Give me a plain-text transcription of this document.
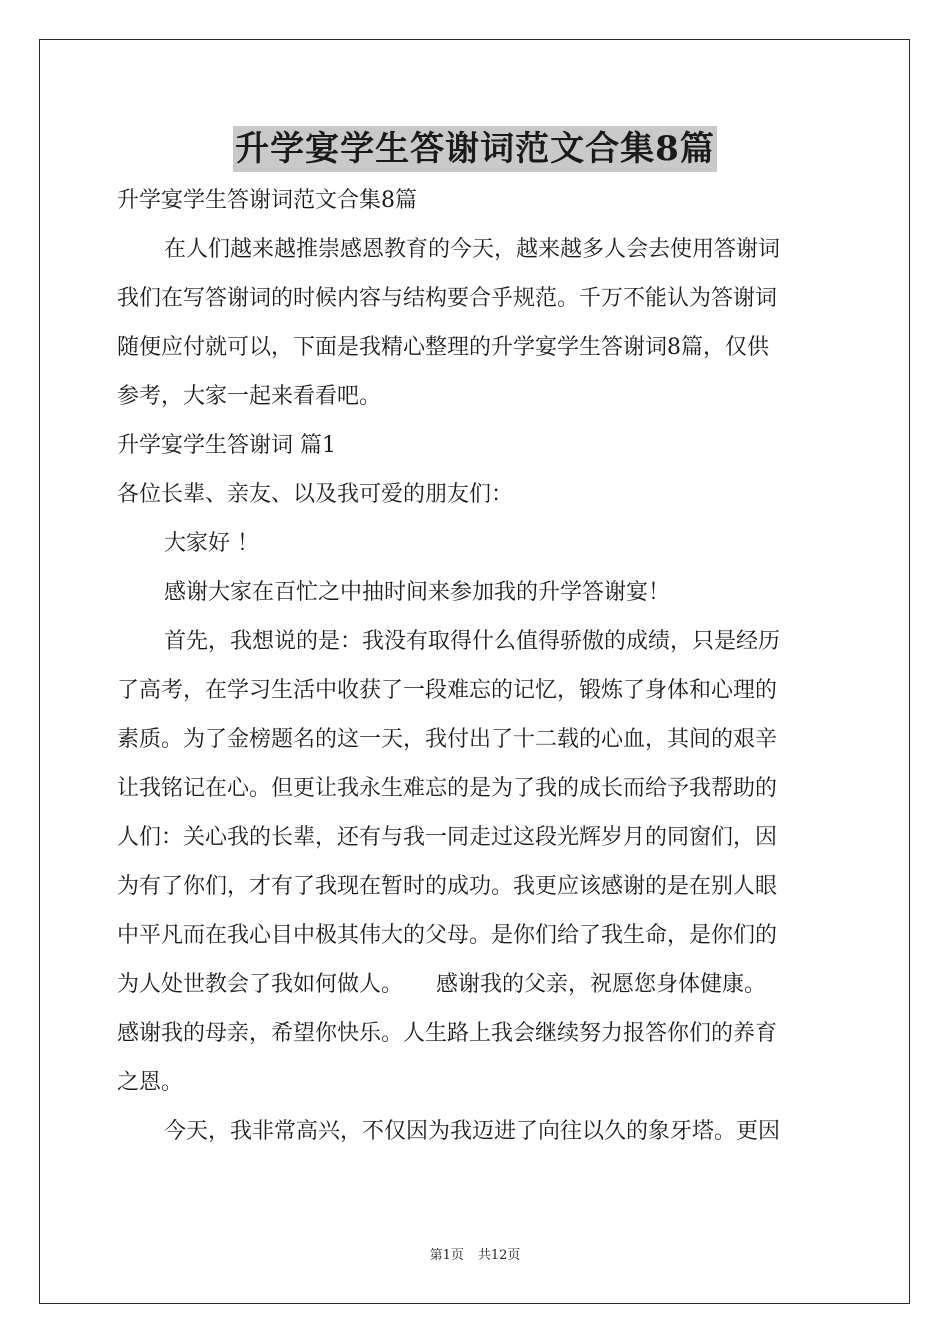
升学宴学生答谢词范文合集8篇
升学宴学生答谢词范文合集8篇
在人们越来越推崇感恩教育的今天，越来越多人会去使用答谢词
我们在写答谢词的时候内容与结构要合乎规范。千万不能认为答谢词
随便应付就可以，下面是我精心整理的升学宴学生答谢词8篇，仅供
参考，大家一起来看看吧。
升学宴学生答谢词 篇1
各位长辈、亲友、以及我可爱的朋友们：
大家好 ！
感谢大家在百忙之中抽时间来参加我的升学答谢宴！
首先，我想说的是：我没有取得什么值得骄傲的成绩，只是经历
了高考，在学习生活中收获了一段难忘的记忆，锻炼了身体和心理的
素质。为了金榜题名的这一天，我付出了十二载的心血，其间的艰辛
让我铭记在心。但更让我永生难忘的是为了我的成长而给予我帮助的
人们：关心我的长辈，还有与我一同走过这段光辉岁月的同窗们，因
为有了你们，才有了我现在暂时的成功。我更应该感谢的是在别人眼
中平凡而在我心目中极其伟大的父母。是你们给了我生命，是你们的
为人处世教会了我如何做人。　　感谢我的父亲，祝愿您身体健康。
感谢我的母亲，希望你快乐。人生路上我会继续努力报答你们的养育
之恩。
今天，我非常高兴，不仅因为我迈进了向往以久的象牙塔。更因
第1页 共12页
